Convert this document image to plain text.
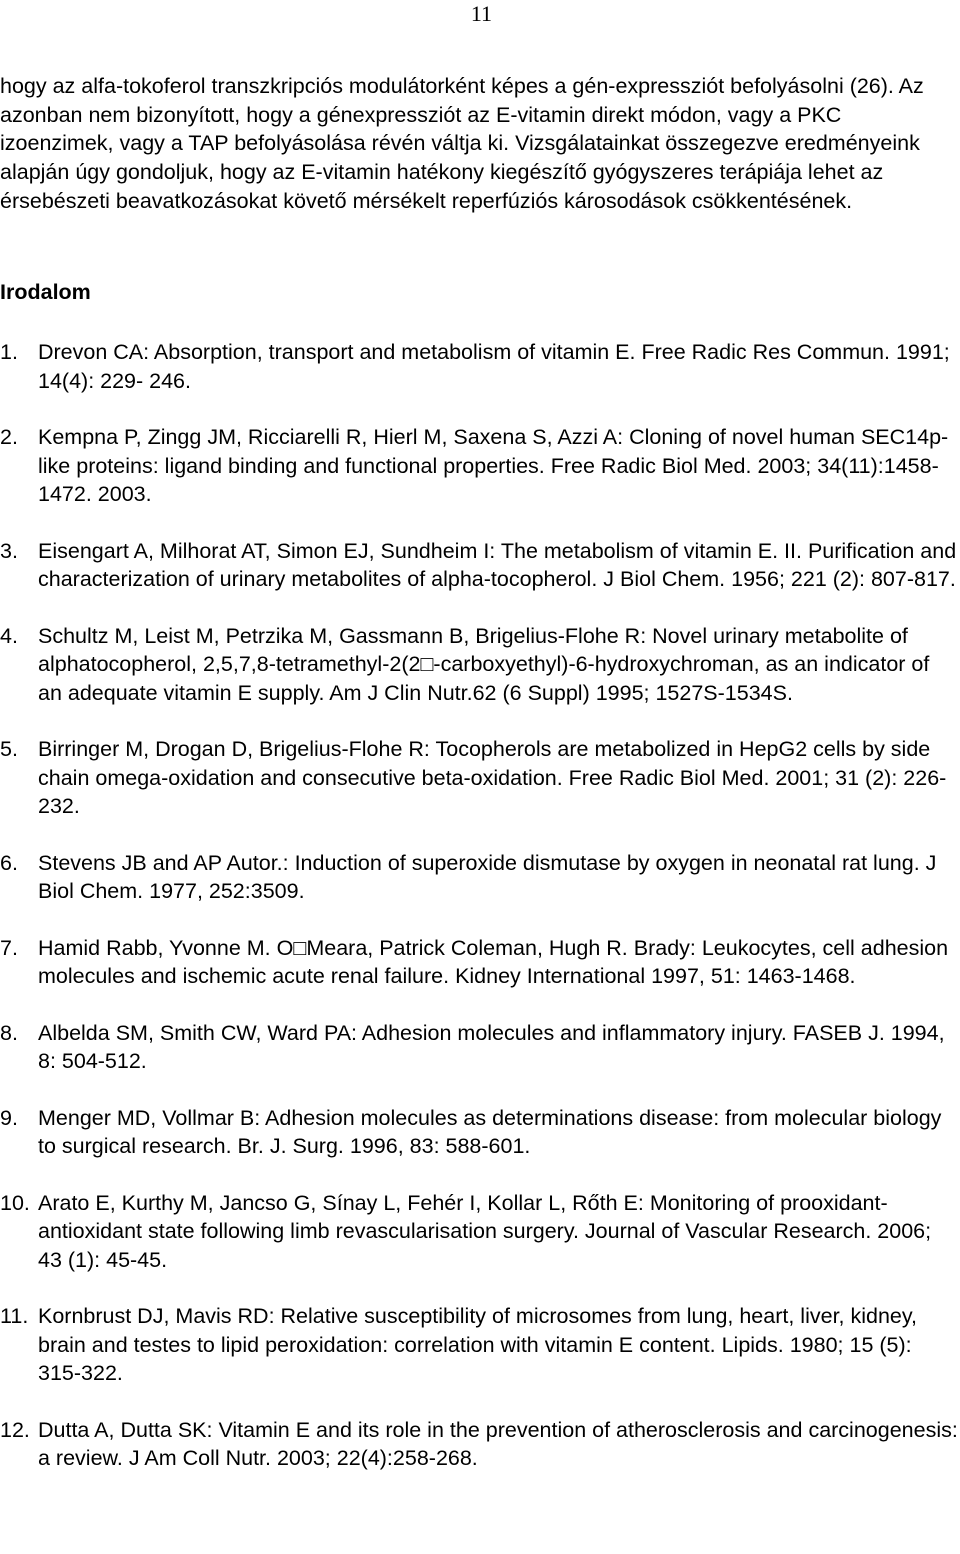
11

hogy az alfa-tokoferol transzkripciós modulátorként képes a gén-expressziót befolyásolni (26). Az azonban nem bizonyított, hogy a génexpressziót az E-vitamin direkt módon, vagy a PKC izoenzimek, vagy a TAP befolyásolása révén váltja ki. Vizsgálatainkat összegezve eredményeink alapján úgy gondoljuk, hogy az E-vitamin hatékony kiegészítő gyógyszeres terápiája lehet az érsebészeti beavatkozásokat követő mérsékelt reperfúziós károsodások csökkentésének.

Irodalom
1. Drevon CA: Absorption, transport and metabolism of vitamin E. Free Radic Res Commun. 1991; 14(4): 229- 246.
2. Kempna P, Zingg JM, Ricciarelli R, Hierl M, Saxena S, Azzi A: Cloning of novel human SEC14p-like proteins: ligand binding and functional properties. Free Radic Biol Med. 2003; 34(11):1458-1472. 2003.
3. Eisengart A, Milhorat AT, Simon EJ, Sundheim I: The metabolism of vitamin E. II. Purification and characterization of urinary metabolites of alpha-tocopherol. J Biol Chem. 1956; 221 (2): 807-817.
4. Schultz M, Leist M, Petrzika M, Gassmann B, Brigelius-Flohe R: Novel urinary metabolite of alphatocopherol, 2,5,7,8-tetramethyl-2(2□-carboxyethyl)-6-hydroxychroman, as an indicator of an adequate vitamin E supply. Am J Clin Nutr.62 (6 Suppl) 1995; 1527S-1534S.
5. Birringer M, Drogan D, Brigelius-Flohe R: Tocopherols are metabolized in HepG2 cells by side chain omega-oxidation and consecutive beta-oxidation. Free Radic Biol Med. 2001; 31 (2): 226-232.
6. Stevens JB and AP Autor.: Induction of superoxide dismutase by oxygen in neonatal rat lung. J Biol Chem. 1977, 252:3509.
7. Hamid Rabb, Yvonne M. O□Meara, Patrick Coleman, Hugh R. Brady: Leukocytes, cell adhesion molecules and ischemic acute renal failure. Kidney International 1997, 51: 1463-1468.
8. Albelda SM, Smith CW, Ward PA: Adhesion molecules and inflammatory injury. FASEB J. 1994, 8: 504-512.
9. Menger MD, Vollmar B: Adhesion molecules as determinations disease: from molecular biology to surgical research. Br. J. Surg. 1996, 83: 588-601.
10. Arato E, Kurthy M, Jancso G, Sínay L, Fehér I, Kollar L, Rőth E: Monitoring of prooxidant-antioxidant state following limb revascularisation surgery. Journal of Vascular Research. 2006; 43 (1): 45-45.
11. Kornbrust DJ, Mavis RD: Relative susceptibility of microsomes from lung, heart, liver, kidney, brain and testes to lipid peroxidation: correlation with vitamin E content. Lipids. 1980; 15 (5): 315-322.
12. Dutta A, Dutta SK: Vitamin E and its role in the prevention of atherosclerosis and carcinogenesis: a review. J Am Coll Nutr. 2003; 22(4):258-268.
